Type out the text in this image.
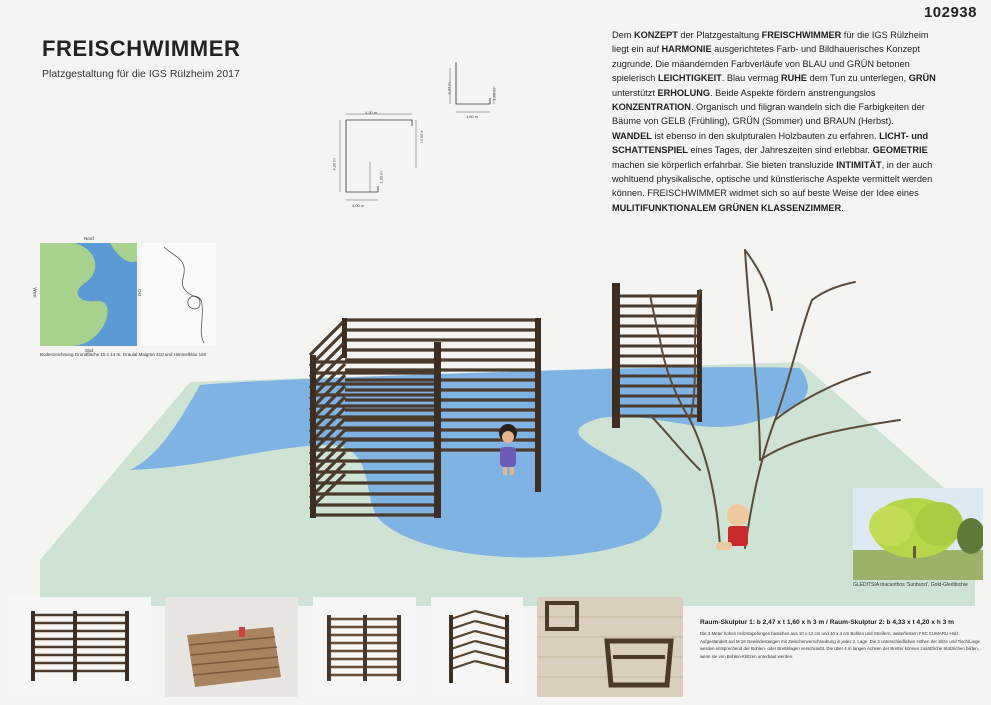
102938
FREISCHWIMMER
Platzgestaltung für die IGS Rülzheim 2017

Dem KONZEPT der Platzgestaltung FREISCHWIMMER für die IGS Rülzheim liegt ein auf HARMONIE ausgerichtetes Farb- und Bildhauerisches Konzept zugrunde. Die mäandernden Farbverläufe von BLAU und GRÜN betonen spielerisch LEICHTIGKEIT. Blau vermag RUHE dem Tun zu unterlegen, GRÜN unterstützt ERHOLUNG. Beide Aspekte fördern anstrengungslos KONZENTRATION. Organisch und filigran wandeln sich die Farbigkeiten der Bäume von GELB (Frühling), GRÜN (Sommer) und BRAUN (Herbst).

WANDEL ist ebenso in den skulpturalen Holzbauten zu erfahren. LICHT- und SCHATTENSPIEL eines Tages, der Jahreszeiten sind erlebbar. GEOMETRIE machen sie körperlich erfahrbar. Sie bieten transluzide INTIMITÄT, in der auch wohltuend physikalische, optische und künstlerische Aspekte vermittelt werden können. FREISCHWIMMER widmet sich so auf beste Weise der Idee eines MULITIFUNKTIONALEM GRÜNEN KLASSENZIMMER.

4,30 m
4,00 m
4,00 m
4,30 m
1,00 m
2,47 m	1,60 m
1,60 m
Nord
Süd
West	Ost
Bodenzeichnung Grundfläche 15 x 14 m, Graulal Maigrün 410 und Himmelblau 160
GLEDITSIA triacanthos 'Sunburst', Gold-Gleditschie
Raum-Skulptur 1: b 2,47 x t 1,60 x h 3 m / Raum-Skulptur 2: b 4,33 x t 4,20 x h 3 m
Die 3 Meter hohen Holzstapelungen bestehen aus 10 x 12 cm und 10 x 4 cm Bohlen und Streifern, weiterfestem FSC CUMARU-Holz. Aufgeständert auf M 16 Gewindestangen mit Zwischenverschraubung in jeder 2. Lage. Die 2 unterschiedlichen Höhen der Sitze und Tisch/Liege werden entsprechend der Bohlen- oder Brettelagen verschraubt. Die über 4 m langen Achsen der Bretter können zusätzliche Stützlichen bilden, wenn sie von Bohlen-Klötzen unterbaut werden.
